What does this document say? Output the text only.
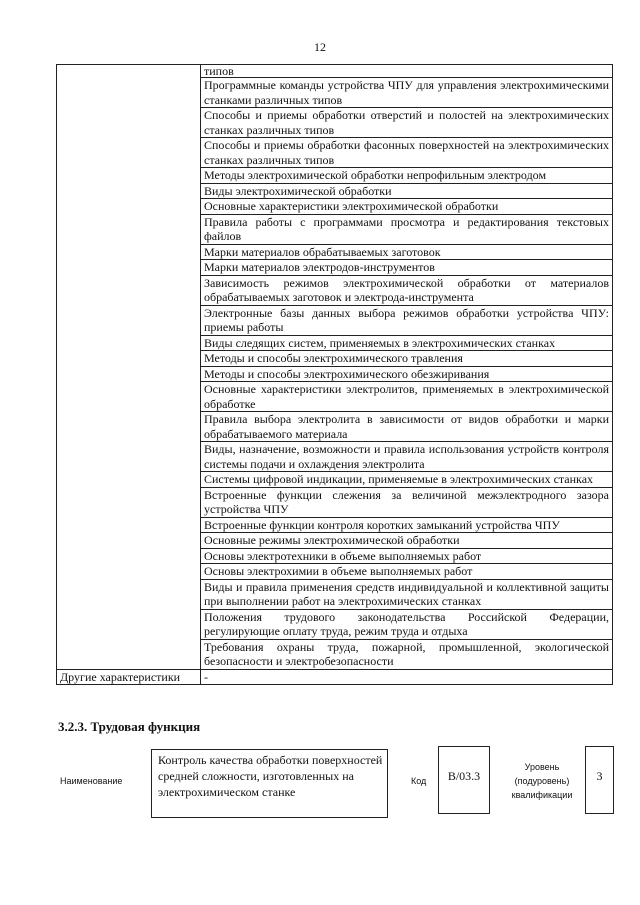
12
	типов
	Программные команды устройства ЧПУ для управления электрохимическими станками различных типов
	Способы и приемы обработки отверстий и полостей на электрохимических станках различных типов
	Способы и приемы обработки фасонных поверхностей на электрохимических станках различных типов
	Методы электрохимической обработки непрофильным электродом
	Виды электрохимической обработки
	Основные характеристики электрохимической обработки
	Правила работы с программами просмотра и редактирования текстовых файлов
	Марки материалов обрабатываемых заготовок
	Марки материалов электродов-инструментов
	Зависимость режимов электрохимической обработки от материалов обрабатываемых заготовок и электрода-инструмента
	Электронные базы данных выбора режимов обработки устройства ЧПУ: приемы работы
	Виды следящих систем, применяемых в электрохимических станках
	Методы и способы электрохимического травления
	Методы и способы электрохимического обезжиривания
	Основные характеристики электролитов, применяемых в электрохимической обработке
	Правила выбора электролита в зависимости от видов обработки и марки обрабатываемого материала
	Виды, назначение, возможности и правила использования устройств контроля системы подачи и охлаждения электролита
	Системы цифровой индикации, применяемые в электрохимических станках
	Встроенные функции слежения за величиной межэлектродного зазора устройства ЧПУ
	Встроенные функции контроля коротких замыканий устройства ЧПУ
	Основные режимы электрохимической обработки
	Основы электротехники в объеме выполняемых работ
	Основы электрохимии в объеме выполняемых работ
	Виды и правила применения средств индивидуальной и коллективной защиты при выполнении работ на электрохимических станках
	Положения трудового законодательства Российской Федерации, регулирующие оплату труда, режим труда и отдыха
	Требования охраны труда, пожарной, промышленной, экологической безопасности и электробезопасности
Другие характеристики	-
3.2.3. Трудовая функция
Наименование
Контроль качества обработки поверхностей средней сложности, изготовленных на электрохимическом станке
Код	B/03.3
Уровень (подуровень) квалификации
3
